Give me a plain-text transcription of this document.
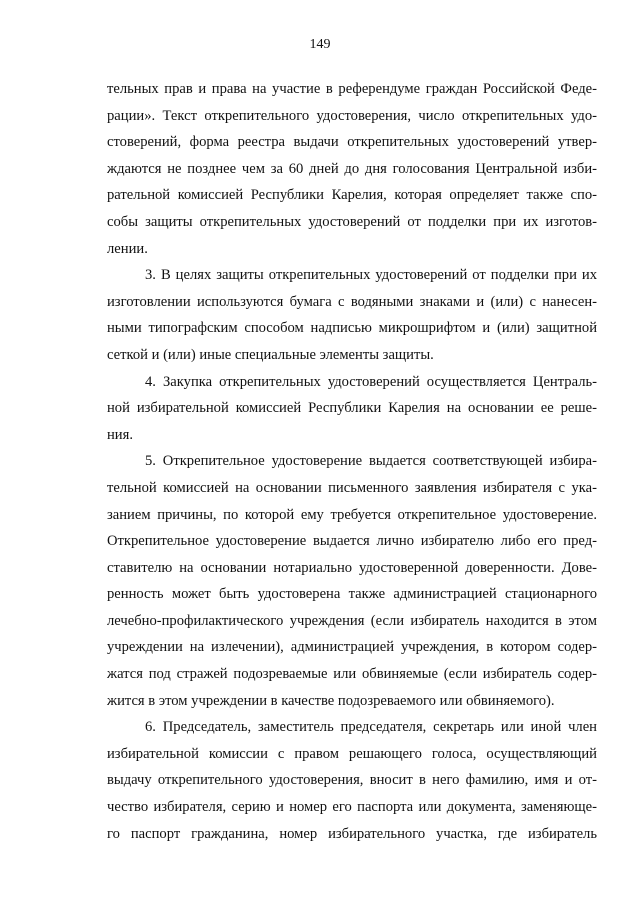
149
тельных прав и права на участие в референдуме граждан Российской Феде-
рации». Текст открепительного удостоверения, число открепительных удо-
стоверений, форма реестра выдачи открепительных удостоверений утвер-
ждаются не позднее чем за 60 дней до дня голосования Центральной изби-
рательной комиссией Республики Карелия, которая определяет также спо-
собы защиты открепительных удостоверений от подделки при их изготов-
лении.
3. В целях защиты открепительных удостоверений от подделки при их
изготовлении используются бумага с водяными знаками и (или) с нанесен-
ными типографским способом надписью микрошрифтом и (или) защитной
сеткой и (или) иные специальные элементы защиты.
4. Закупка открепительных удостоверений осуществляется Централь-
ной избирательной комиссией Республики Карелия на основании ее реше-
ния.
5. Открепительное удостоверение выдается соответствующей избира-
тельной комиссией на основании письменного заявления избирателя с ука-
занием причины, по которой ему требуется открепительное удостоверение.
Открепительное удостоверение выдается лично избирателю либо его пред-
ставителю на основании нотариально удостоверенной доверенности. Дове-
ренность может быть удостоверена также администрацией стационарного
лечебно-профилактического учреждения (если избиратель находится в этом
учреждении на излечении), администрацией учреждения, в котором содер-
жатся под стражей подозреваемые или обвиняемые (если избиратель содер-
жится в этом учреждении в качестве подозреваемого или обвиняемого).
6. Председатель, заместитель председателя, секретарь или иной член
избирательной комиссии с правом решающего голоса, осуществляющий
выдачу открепительного удостоверения, вносит в него фамилию, имя и от-
чество избирателя, серию и номер его паспорта или документа, заменяюще-
го паспорт гражданина, номер избирательного участка, где избиратель
